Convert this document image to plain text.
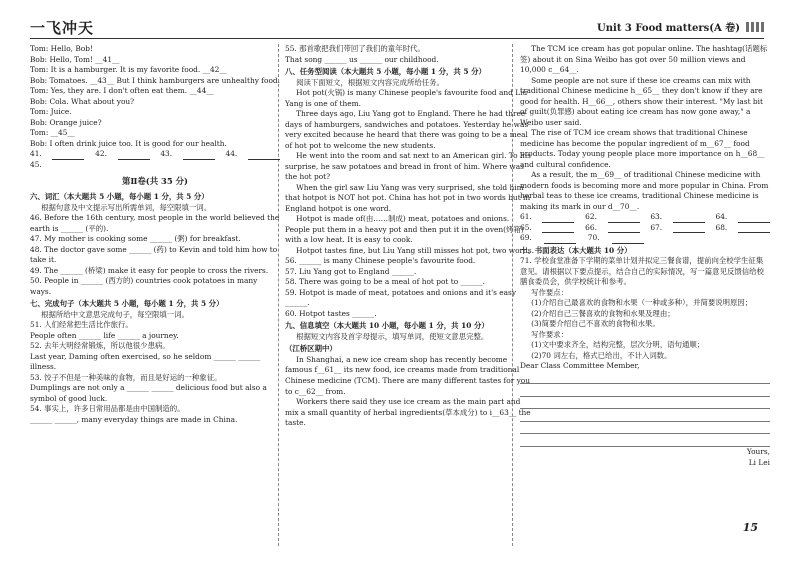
一飞冲天	Unit 3 Food matters(A 卷)

Tom: Hello, Bob!

Bob: Hello, Tom! __41__

Tom: It is a hamburger. It is my favorite food. __42__

Bob: Tomatoes. __43__ But I think hamburgers are unhealthy food.

Tom: Yes, they are. I don't often eat them. __44__

Bob: Cola. What about you?

Tom: Juice.

Bob: Orange juice?

Tom: __45__

Bob: I often drink juice too. It is good for our health.

41.	42.	43.	44.

45.

第Ⅱ卷(共 35 分)

六、词汇（本大题共 5 小题，每小题 1 分，共 5 分）

根据句意及中文提示写出所需单词，每空限填一词。

46. Before the 16th century, most people in the world believed the earth is ______ (平的).

47. My mother is cooking some ______ (粥) for breakfast.

48. The doctor gave some ______ (药) to Kevin and told him how to take it.

49. The ______ (桥梁) make it easy for people to cross the rivers.

50. People in ______ (西方的) countries cook potatoes in many ways.

七、完成句子（本大题共 5 小题，每小题 1 分，共 5 分）

根据所给中文意思完成句子，每空限填一词。

51. 人们经常把生活比作旅行。

People often ______ life ______ a journey.

52. 去年大明经常锻炼，所以他很少患病。

Last year, Daming often exercised, so he seldom ______ ______ illness.

53. 饺子不但是一种美味的食物，而且是好运的一种象征。

Dumplings are not only a ______ ______ delicious food but also a symbol of good luck.

54. 事实上，许多日常用品都是由中国制造的。

______ ______, many everyday things are made in China.

55. 那首歌把我们带回了我们的童年时代。

That song ______ us ______ our childhood.

八、任务型阅读（本大题共 5 小题，每小题 1 分，共 5 分）

阅读下面短文，根据短文内容完成所给任务。

Hot pot(火锅) is many Chinese people's favourite food and Liu Yang is one of them.

Three days ago, Liu Yang got to England. There he had three days of hamburgers, sandwiches and potatoes. Yesterday he was very excited because he heard that there was going to be a meal of hot pot to welcome the new students.

He went into the room and sat next to an American girl. To his surprise, he saw potatoes and bread in front of him. Where was the hot pot?

When the girl saw Liu Yang was very surprised, she told him that hotpot is NOT hot pot. China has hot pot in two words but in England hotpot is one word.

Hotpot is made of(由……制成) meat, potatoes and onions. People put them in a heavy pot and then put it in the oven(烤箱) with a low heat. It is easy to cook.

Hotpot tastes fine, but Liu Yang still misses hot pot, two words.

56. ______ is many Chinese people's favourite food.

57. Liu Yang got to England ______.

58. There was going to be a meal of hot pot to ______.

59. Hotpot is made of meat, potatoes and onions and it's easy ______.

60. Hotpot tastes ______.

九、信息填空（本大题共 10 小题，每小题 1 分，共 10 分）

根据短文内容及首字母提示，填写单词，使短文意思完整。

（江桥区期中）

In Shanghai, a new ice cream shop has recently become famous f__61__ its new food, ice creams made from traditional Chinese medicine (TCM). There are many different tastes for you to c__62__ from.

Workers there said they use ice cream as the main part and mix a small quantity of herbal ingredients(草本成分) to i__63__ the taste.

The TCM ice cream has got popular online. The hashtag(话题标签) about it on Sina Weibo has got over 50 million views and 10,000 c__64__.

Some people are not sure if these ice creams can mix with traditional Chinese medicine h__65__ they don't know if they are good for health. H__66__, others show their interest. "My last bit of guilt(负罪感) about eating ice cream has now gone away," a Weibo user said.

The rise of TCM ice cream shows that traditional Chinese medicine has become the popular ingredient of m__67__ food products. Today young people place more importance on h__68__ and cultural confidence.

As a result, the m__69__ of traditional Chinese medicine with modern foods is becoming more and more popular in China. From herbal teas to these ice creams, traditional Chinese medicine is making its mark in our d__70__.

61.	62.	63.	64.
65.	66.	67.	68.
69.	70.

十、书面表达（本大题共 10 分）

71. 学校食堂准备下学期的菜单计划并拟定三餐食谱，提前向全校学生征集意见。请根据以下要点提示，结合自己的实际情况，写一篇意见反馈信给校膳食委员会，供学校统计和参考。

写作要点：

(1)介绍自己最喜欢的食物和水果（一种或多种），并简要说明原因；

(2)介绍自己三餐喜欢的食物和水果及理由；

(3)简要介绍自己不喜欢的食物和水果。

写作要求：

(1)文中要求齐全，结构完整，层次分明，语句通顺；

(2)70 词左右，格式已给出，不计入词数。

Dear Class Committee Member,

Yours,

Li Lei

15
